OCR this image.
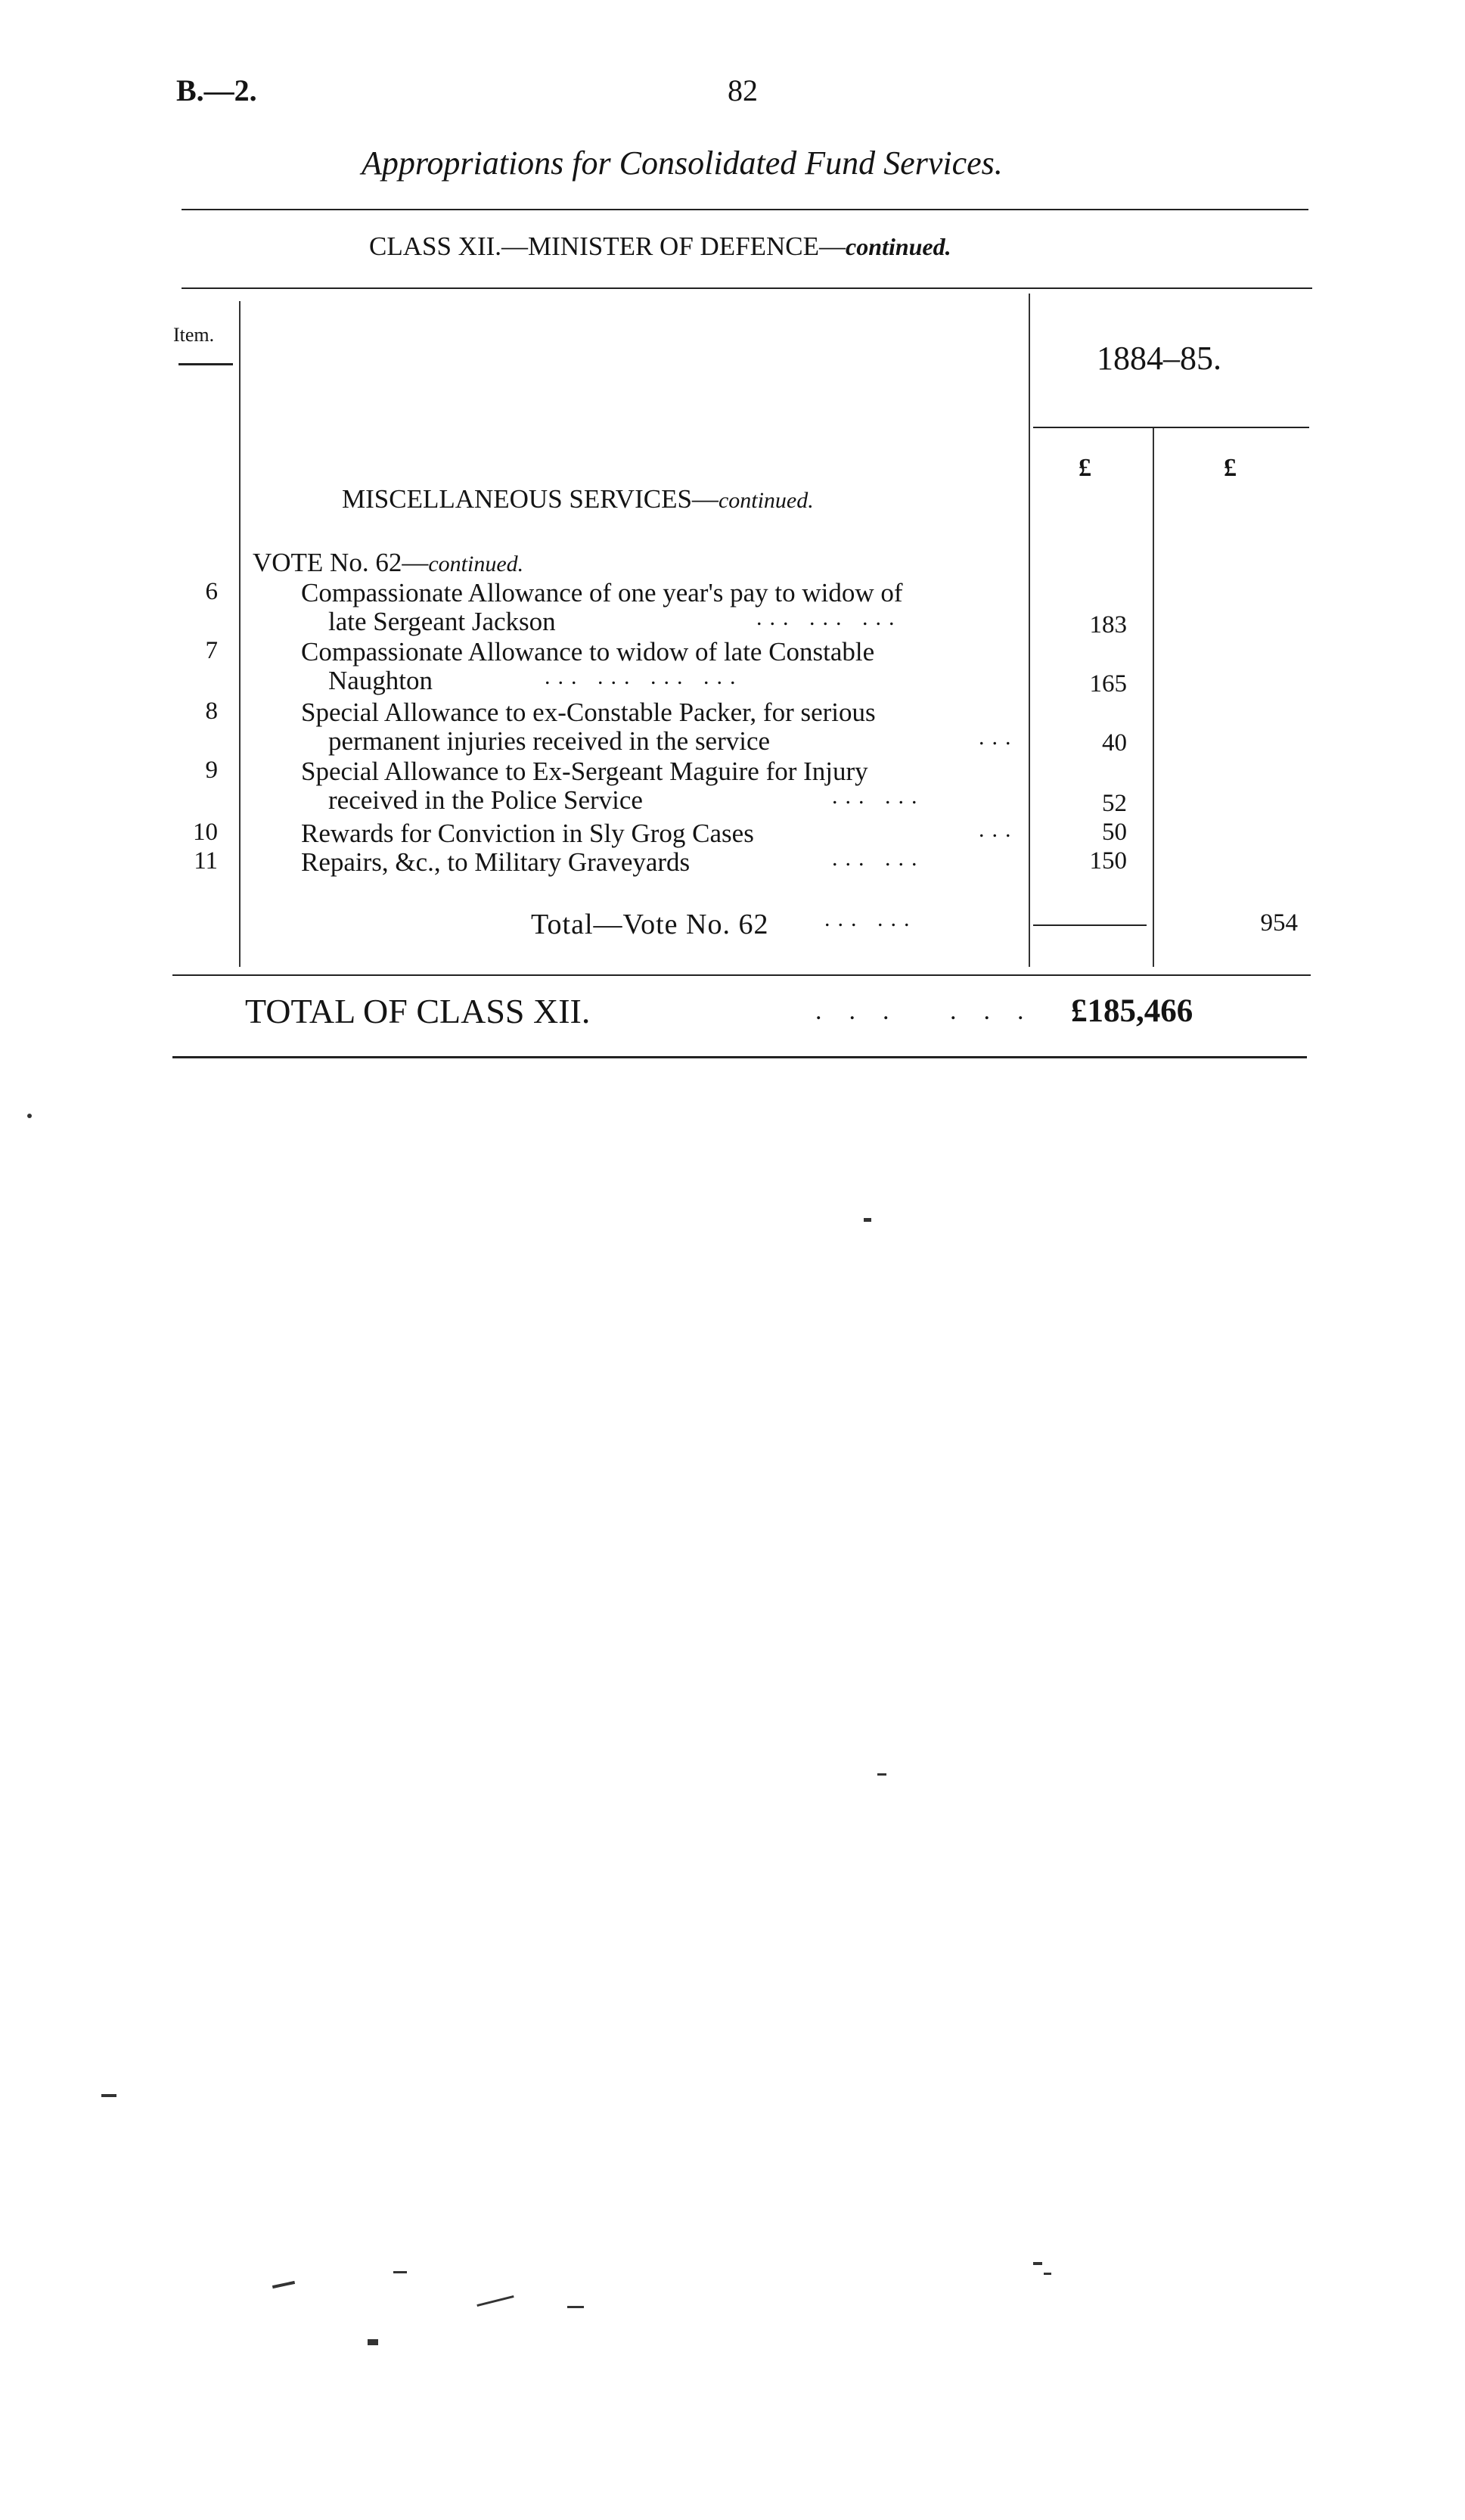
B.—2.	82
Appropriations for Consolidated Fund Services.
CLASS XII.—MINISTER OF DEFENCE—continued.
Item.
1884–85.
£	£
MISCELLANEOUS SERVICES—continued.
VOTE No. 62—continued.
6	Compassionate Allowance of one year's pay to widow of
late Sergeant Jackson	... ... ...	183
7	Compassionate Allowance to widow of late Constable
Naughton	... ... ... ...	165
8	Special Allowance to ex-Constable Packer, for serious
permanent injuries received in the service	...	40
9	Special Allowance to Ex-Sergeant Maguire for Injury
received in the Police Service	... ...	52
10	Rewards for Conviction in Sly Grog Cases	...	50
11	Repairs, &c., to Military Graveyards	... ...	150
Total—Vote No. 62 ... ...	954
TOTAL OF CLASS XII.	... ... £185,466
